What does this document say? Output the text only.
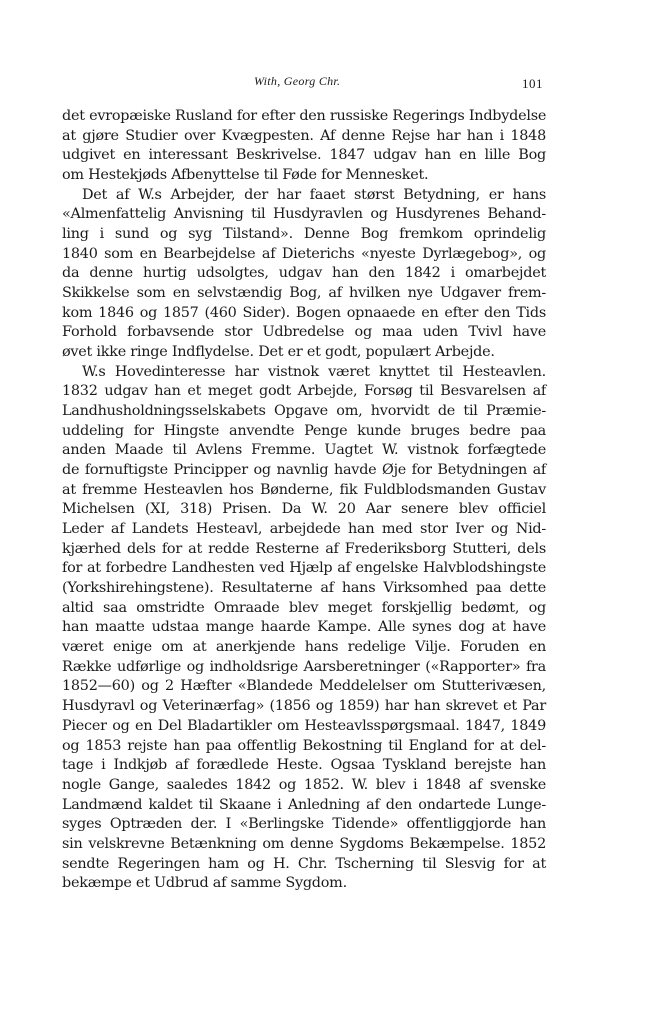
With, Georg Chr.	101
det evropæiske Rusland for efter den russiske Regerings Indbydelse
at gjøre Studier over Kvægpesten. Af denne Rejse har han i 1848
udgivet en interessant Beskrivelse. 1847 udgav han en lille Bog
om Hestekjøds Afbenyttelse til Føde for Mennesket.
Det af W.s Arbejder, der har faaet størst Betydning, er hans
«Almenfattelig Anvisning til Husdyravlen og Husdyrenes Behand-
ling i sund og syg Tilstand». Denne Bog fremkom oprindelig
1840 som en Bearbejdelse af Dieterichs «nyeste Dyrlægebog», og
da denne hurtig udsolgtes, udgav han den 1842 i omarbejdet
Skikkelse som en selvstændig Bog, af hvilken nye Udgaver frem-
kom 1846 og 1857 (460 Sider). Bogen opnaaede en efter den Tids
Forhold forbavsende stor Udbredelse og maa uden Tvivl have
øvet ikke ringe Indflydelse. Det er et godt, populært Arbejde.
W.s Hovedinteresse har vistnok været knyttet til Hesteavlen.
1832 udgav han et meget godt Arbejde, Forsøg til Besvarelsen af
Landhusholdningsselskabets Opgave om, hvorvidt de til Præmie-
uddeling for Hingste anvendte Penge kunde bruges bedre paa
anden Maade til Avlens Fremme. Uagtet W. vistnok forfægtede
de fornuftigste Principper og navnlig havde Øje for Betydningen af
at fremme Hesteavlen hos Bønderne, fik Fuldblodsmanden Gustav
Michelsen (XI, 318) Prisen. Da W. 20 Aar senere blev officiel
Leder af Landets Hesteavl, arbejdede han med stor Iver og Nid-
kjærhed dels for at redde Resterne af Frederiksborg Stutteri, dels
for at forbedre Landhesten ved Hjælp af engelske Halvblodshingste
(Yorkshirehingstene). Resultaterne af hans Virksomhed paa dette
altid saa omstridte Omraade blev meget forskjellig bedømt, og
han maatte udstaa mange haarde Kampe. Alle synes dog at have
været enige om at anerkjende hans redelige Vilje. Foruden en
Række udførlige og indholdsrige Aarsberetninger («Rapporter» fra
1852—60) og 2 Hæfter «Blandede Meddelelser om Stutterivæsen,
Husdyravl og Veterinærfag» (1856 og 1859) har han skrevet et Par
Piecer og en Del Bladartikler om Hesteavlsspørgsmaal. 1847, 1849
og 1853 rejste han paa offentlig Bekostning til England for at del-
tage i Indkjøb af forædlede Heste. Ogsaa Tyskland berejste han
nogle Gange, saaledes 1842 og 1852. W. blev i 1848 af svenske
Landmænd kaldet til Skaane i Anledning af den ondartede Lunge-
syges Optræden der. I «Berlingske Tidende» offentliggjorde han
sin velskrevne Betænkning om denne Sygdoms Bekæmpelse. 1852
sendte Regeringen ham og H. Chr. Tscherning til Slesvig for at
bekæmpe et Udbrud af samme Sygdom.
